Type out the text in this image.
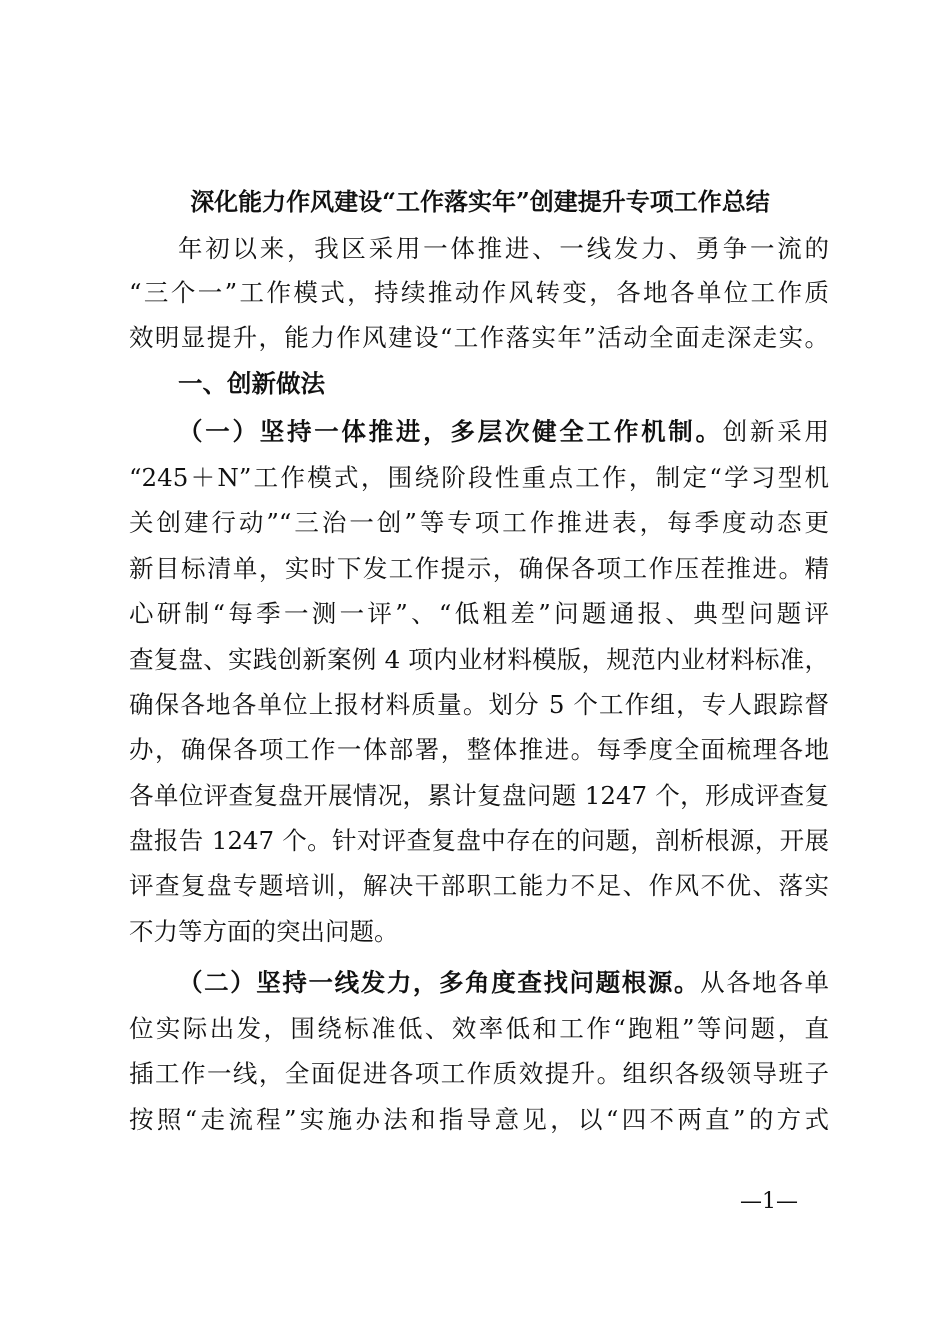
深化能力作风建设“工作落实年”创建提升专项工作总结
年初以来，我区采用一体推进、一线发力、勇争一流的
“三个一”工作模式，持续推动作风转变，各地各单位工作质
效明显提升，能力作风建设“工作落实年”活动全面走深走实。
一、创新做法
（一）坚持一体推进，多层次健全工作机制。创新采用
“245＋N”工作模式，围绕阶段性重点工作，制定“学习型机
关创建行动”“三治一创”等专项工作推进表，每季度动态更
新目标清单，实时下发工作提示，确保各项工作压茬推进。精
心研制“每季一测一评”、“低粗差”问题通报、典型问题评
查复盘、实践创新案例 4 项内业材料模版，规范内业材料标准，
确保各地各单位上报材料质量。划分 5 个工作组，专人跟踪督
办，确保各项工作一体部署，整体推进。每季度全面梳理各地
各单位评查复盘开展情况，累计复盘问题 1247 个，形成评查复
盘报告 1247 个。针对评查复盘中存在的问题，剖析根源，开展
评查复盘专题培训，解决干部职工能力不足、作风不优、落实
不力等方面的突出问题。
（二）坚持一线发力，多角度查找问题根源。从各地各单
位实际出发，围绕标准低、效率低和工作“跑粗”等问题，直
插工作一线，全面促进各项工作质效提升。组织各级领导班子
按照“走流程”实施办法和指导意见，以“四不两直”的方式
—1—
